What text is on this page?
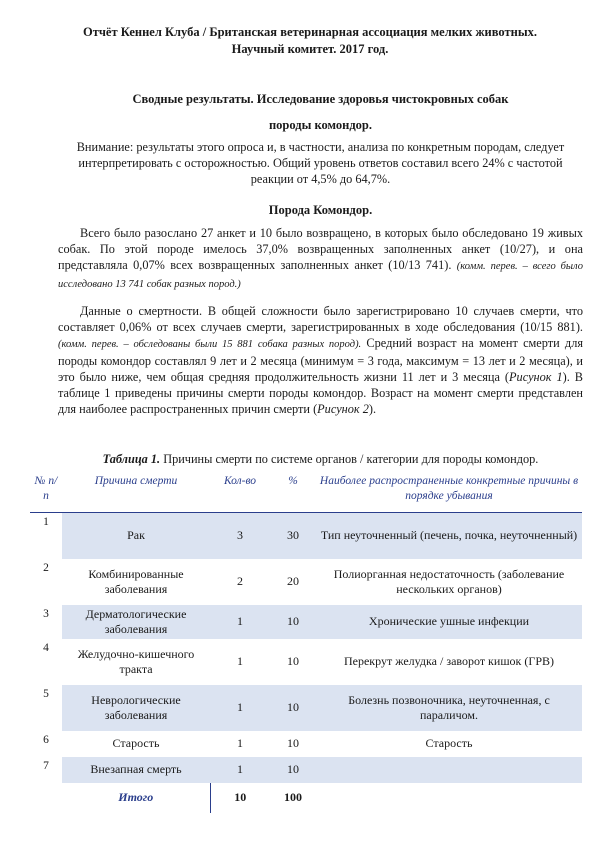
Отчёт Кеннел Клуба / Британская ветеринарная ассоциация мелких животных.
Научный комитет. 2017 год.
Сводные результаты. Исследование здоровья чистокровных собак
породы комондор.
Внимание: результаты этого опроса и, в частности, анализа по конкретным породам, следует интерпретировать с осторожностью. Общий уровень ответов составил всего 24% с частотой реакции от 4,5% до 64,7%.
Порода Комондор.
Всего было разослано 27 анкет и 10 было возвращено, в которых было обследовано 19 живых собак. По этой породе имелось 37,0% возвращенных заполненных анкет (10/27), и она представляла 0,07% всех возвращенных заполненных анкет (10/13 741). (комм. перев. – всего было исследовано 13 741 собак разных пород.)
Данные о смертности. В общей сложности было зарегистрировано 10 случаев смерти, что составляет 0,06% от всех случаев смерти, зарегистрированных в ходе обследования (10/15 881). (комм. перев. – обследованы были 15 881 собака разных пород). Средний возраст на момент смерти для породы комондор составлял 9 лет и 2 месяца (минимум = 3 года, максимум = 13 лет и 2 месяца), и это было ниже, чем общая средняя продолжительность жизни 11 лет и 3 месяца (Рисунок 1). В таблице 1 приведены причины смерти породы комондор. Возраст на момент смерти представлен для наиболее распространенных причин смерти (Рисунок 2).
Таблица 1. Причины смерти по системе органов / категории для породы комондор.
№ п/п	Причина смерти	Кол-во	%	Наиболее распространенные конкретные причины в порядке убывания
1	Рак	3	30	Тип неуточненный (печень, почка, неуточненный)
2	Комбинированные заболевания	2	20	Полиорганная недостаточность (заболевание нескольких органов)
3	Дерматологические заболевания	1	10	Хронические ушные инфекции
4	Желудочно-кишечного тракта	1	10	Перекрут желудка / заворот кишок (ГРВ)
5	Неврологические заболевания	1	10	Болезнь позвоночника, неуточненная, с параличом.
6	Старость	1	10	Старость
7	Внезапная смерть	1	10	
	Итого	10	100	
